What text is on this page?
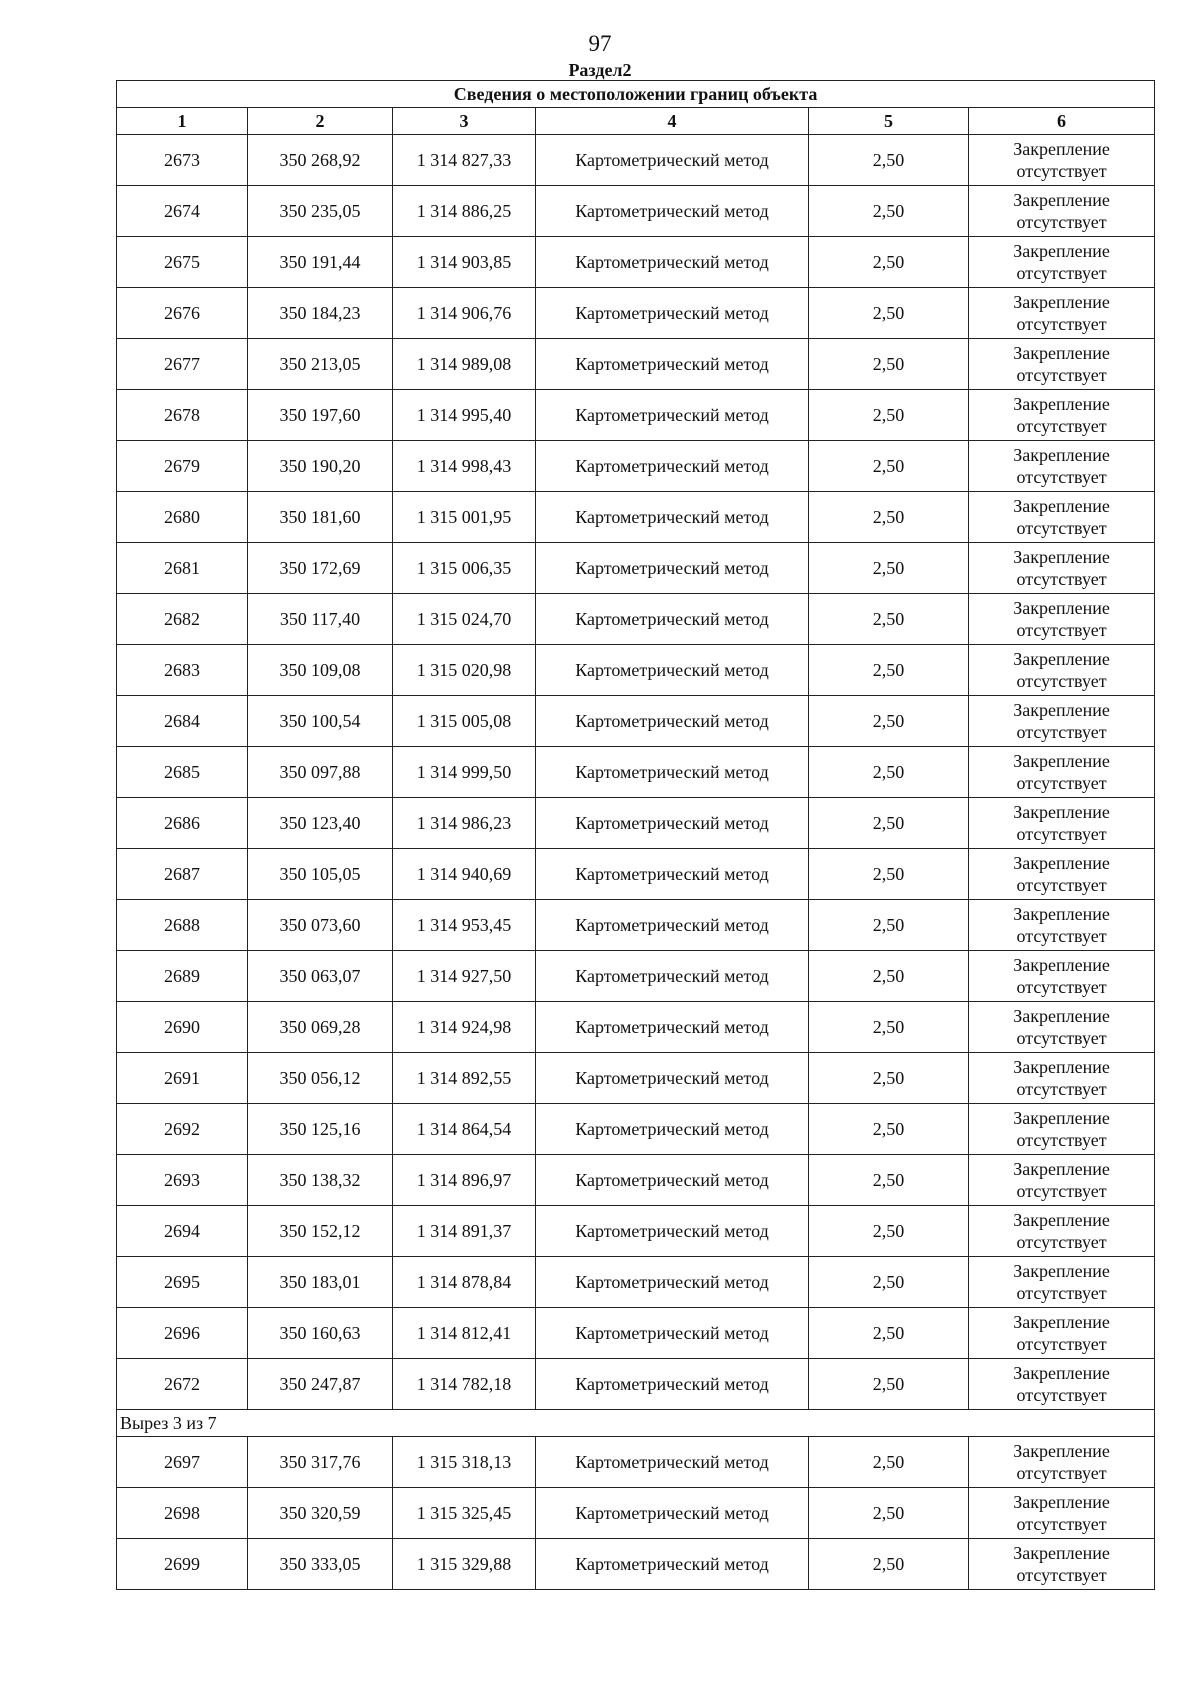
97
Раздел2
Сведения о местоположении границ объекта					
1	2	3	4	5	6
2673	350 268,92	1 314 827,33	Картометрический метод	2,50	Закрепление
отсутствует

2674	350 235,05	1 314 886,25	Картометрический метод	2,50	Закрепление
отсутствует

2675	350 191,44	1 314 903,85	Картометрический метод	2,50	Закрепление
отсутствует

2676	350 184,23	1 314 906,76	Картометрический метод	2,50	Закрепление
отсутствует

2677	350 213,05	1 314 989,08	Картометрический метод	2,50	Закрепление
отсутствует

2678	350 197,60	1 314 995,40	Картометрический метод	2,50	Закрепление
отсутствует

2679	350 190,20	1 314 998,43	Картометрический метод	2,50	Закрепление
отсутствует

2680	350 181,60	1 315 001,95	Картометрический метод	2,50	Закрепление
отсутствует

2681	350 172,69	1 315 006,35	Картометрический метод	2,50	Закрепление
отсутствует

2682	350 117,40	1 315 024,70	Картометрический метод	2,50	Закрепление
отсутствует

2683	350 109,08	1 315 020,98	Картометрический метод	2,50	Закрепление
отсутствует

2684	350 100,54	1 315 005,08	Картометрический метод	2,50	Закрепление
отсутствует

2685	350 097,88	1 314 999,50	Картометрический метод	2,50	Закрепление
отсутствует

2686	350 123,40	1 314 986,23	Картометрический метод	2,50	Закрепление
отсутствует

2687	350 105,05	1 314 940,69	Картометрический метод	2,50	Закрепление
отсутствует

2688	350 073,60	1 314 953,45	Картометрический метод	2,50	Закрепление
отсутствует

2689	350 063,07	1 314 927,50	Картометрический метод	2,50	Закрепление
отсутствует

2690	350 069,28	1 314 924,98	Картометрический метод	2,50	Закрепление
отсутствует

2691	350 056,12	1 314 892,55	Картометрический метод	2,50	Закрепление
отсутствует

2692	350 125,16	1 314 864,54	Картометрический метод	2,50	Закрепление
отсутствует

2693	350 138,32	1 314 896,97	Картометрический метод	2,50	Закрепление
отсутствует

2694	350 152,12	1 314 891,37	Картометрический метод	2,50	Закрепление
отсутствует

2695	350 183,01	1 314 878,84	Картометрический метод	2,50	Закрепление
отсутствует

2696	350 160,63	1 314 812,41	Картометрический метод	2,50	Закрепление
отсутствует

2672	350 247,87	1 314 782,18	Картометрический метод	2,50	Закрепление
отсутствует

Вырез 3 из 7					
2697	350 317,76	1 315 318,13	Картометрический метод	2,50	Закрепление
отсутствует

2698	350 320,59	1 315 325,45	Картометрический метод	2,50	Закрепление
отсутствует

2699	350 333,05	1 315 329,88	Картометрический метод	2,50	Закрепление
отсутствует
